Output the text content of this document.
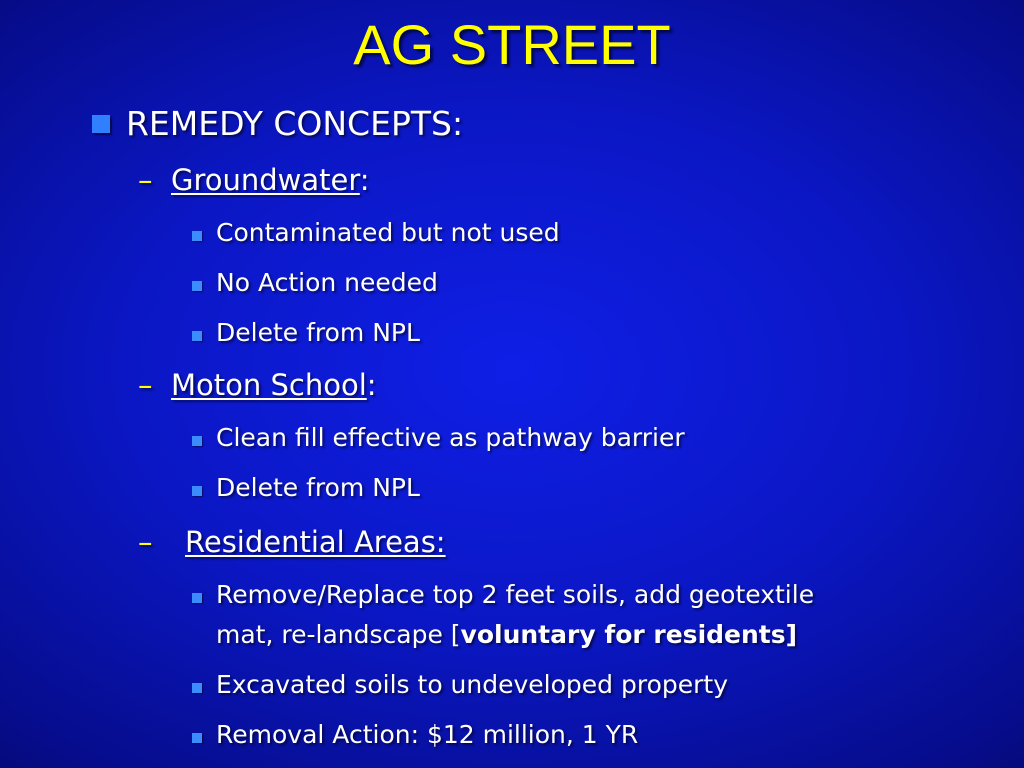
AG STREET
REMEDY CONCEPTS:
– Groundwater:
Contaminated but not used
No Action needed
Delete from NPL
– Moton School:
Clean fill effective as pathway barrier
Delete from NPL
– Residential Areas:
Remove/Replace top 2 feet soils, add geotextile
mat, re-landscape [voluntary for residents]
Excavated soils to undeveloped property
Removal Action: $12 million, 1 YR
